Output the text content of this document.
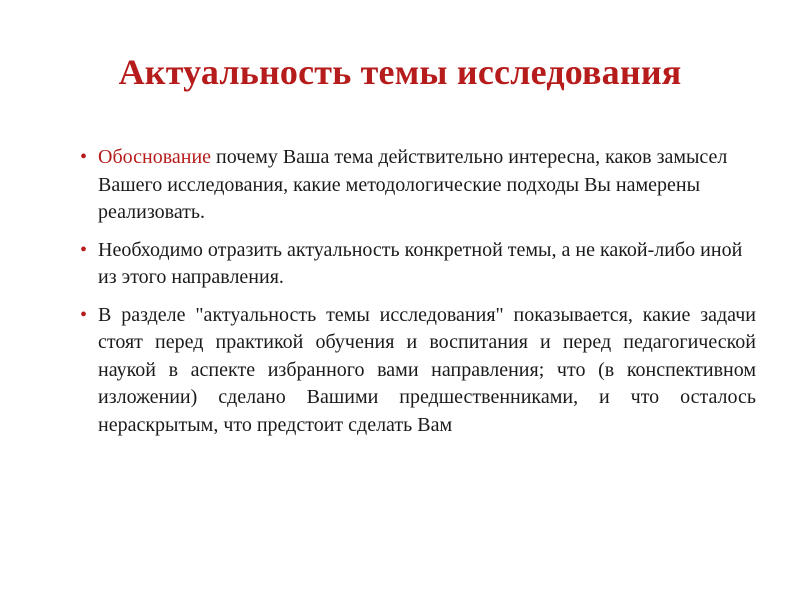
Актуальность темы исследования
• Обоснование почему Ваша тема действительно интересна, каков замысел Вашего исследования, какие методологические подходы Вы намерены реализовать.
• Необходимо отразить актуальность конкретной темы, а не какой-либо иной из этого направления.
• В разделе "актуальность темы исследования" показывается, какие задачи стоят перед практикой обучения и воспитания и перед педагогической наукой в аспекте избранного вами направления; что (в конспективном изложении) сделано Вашими предшественниками, и что осталось нераскрытым, что предстоит сделать Вам
